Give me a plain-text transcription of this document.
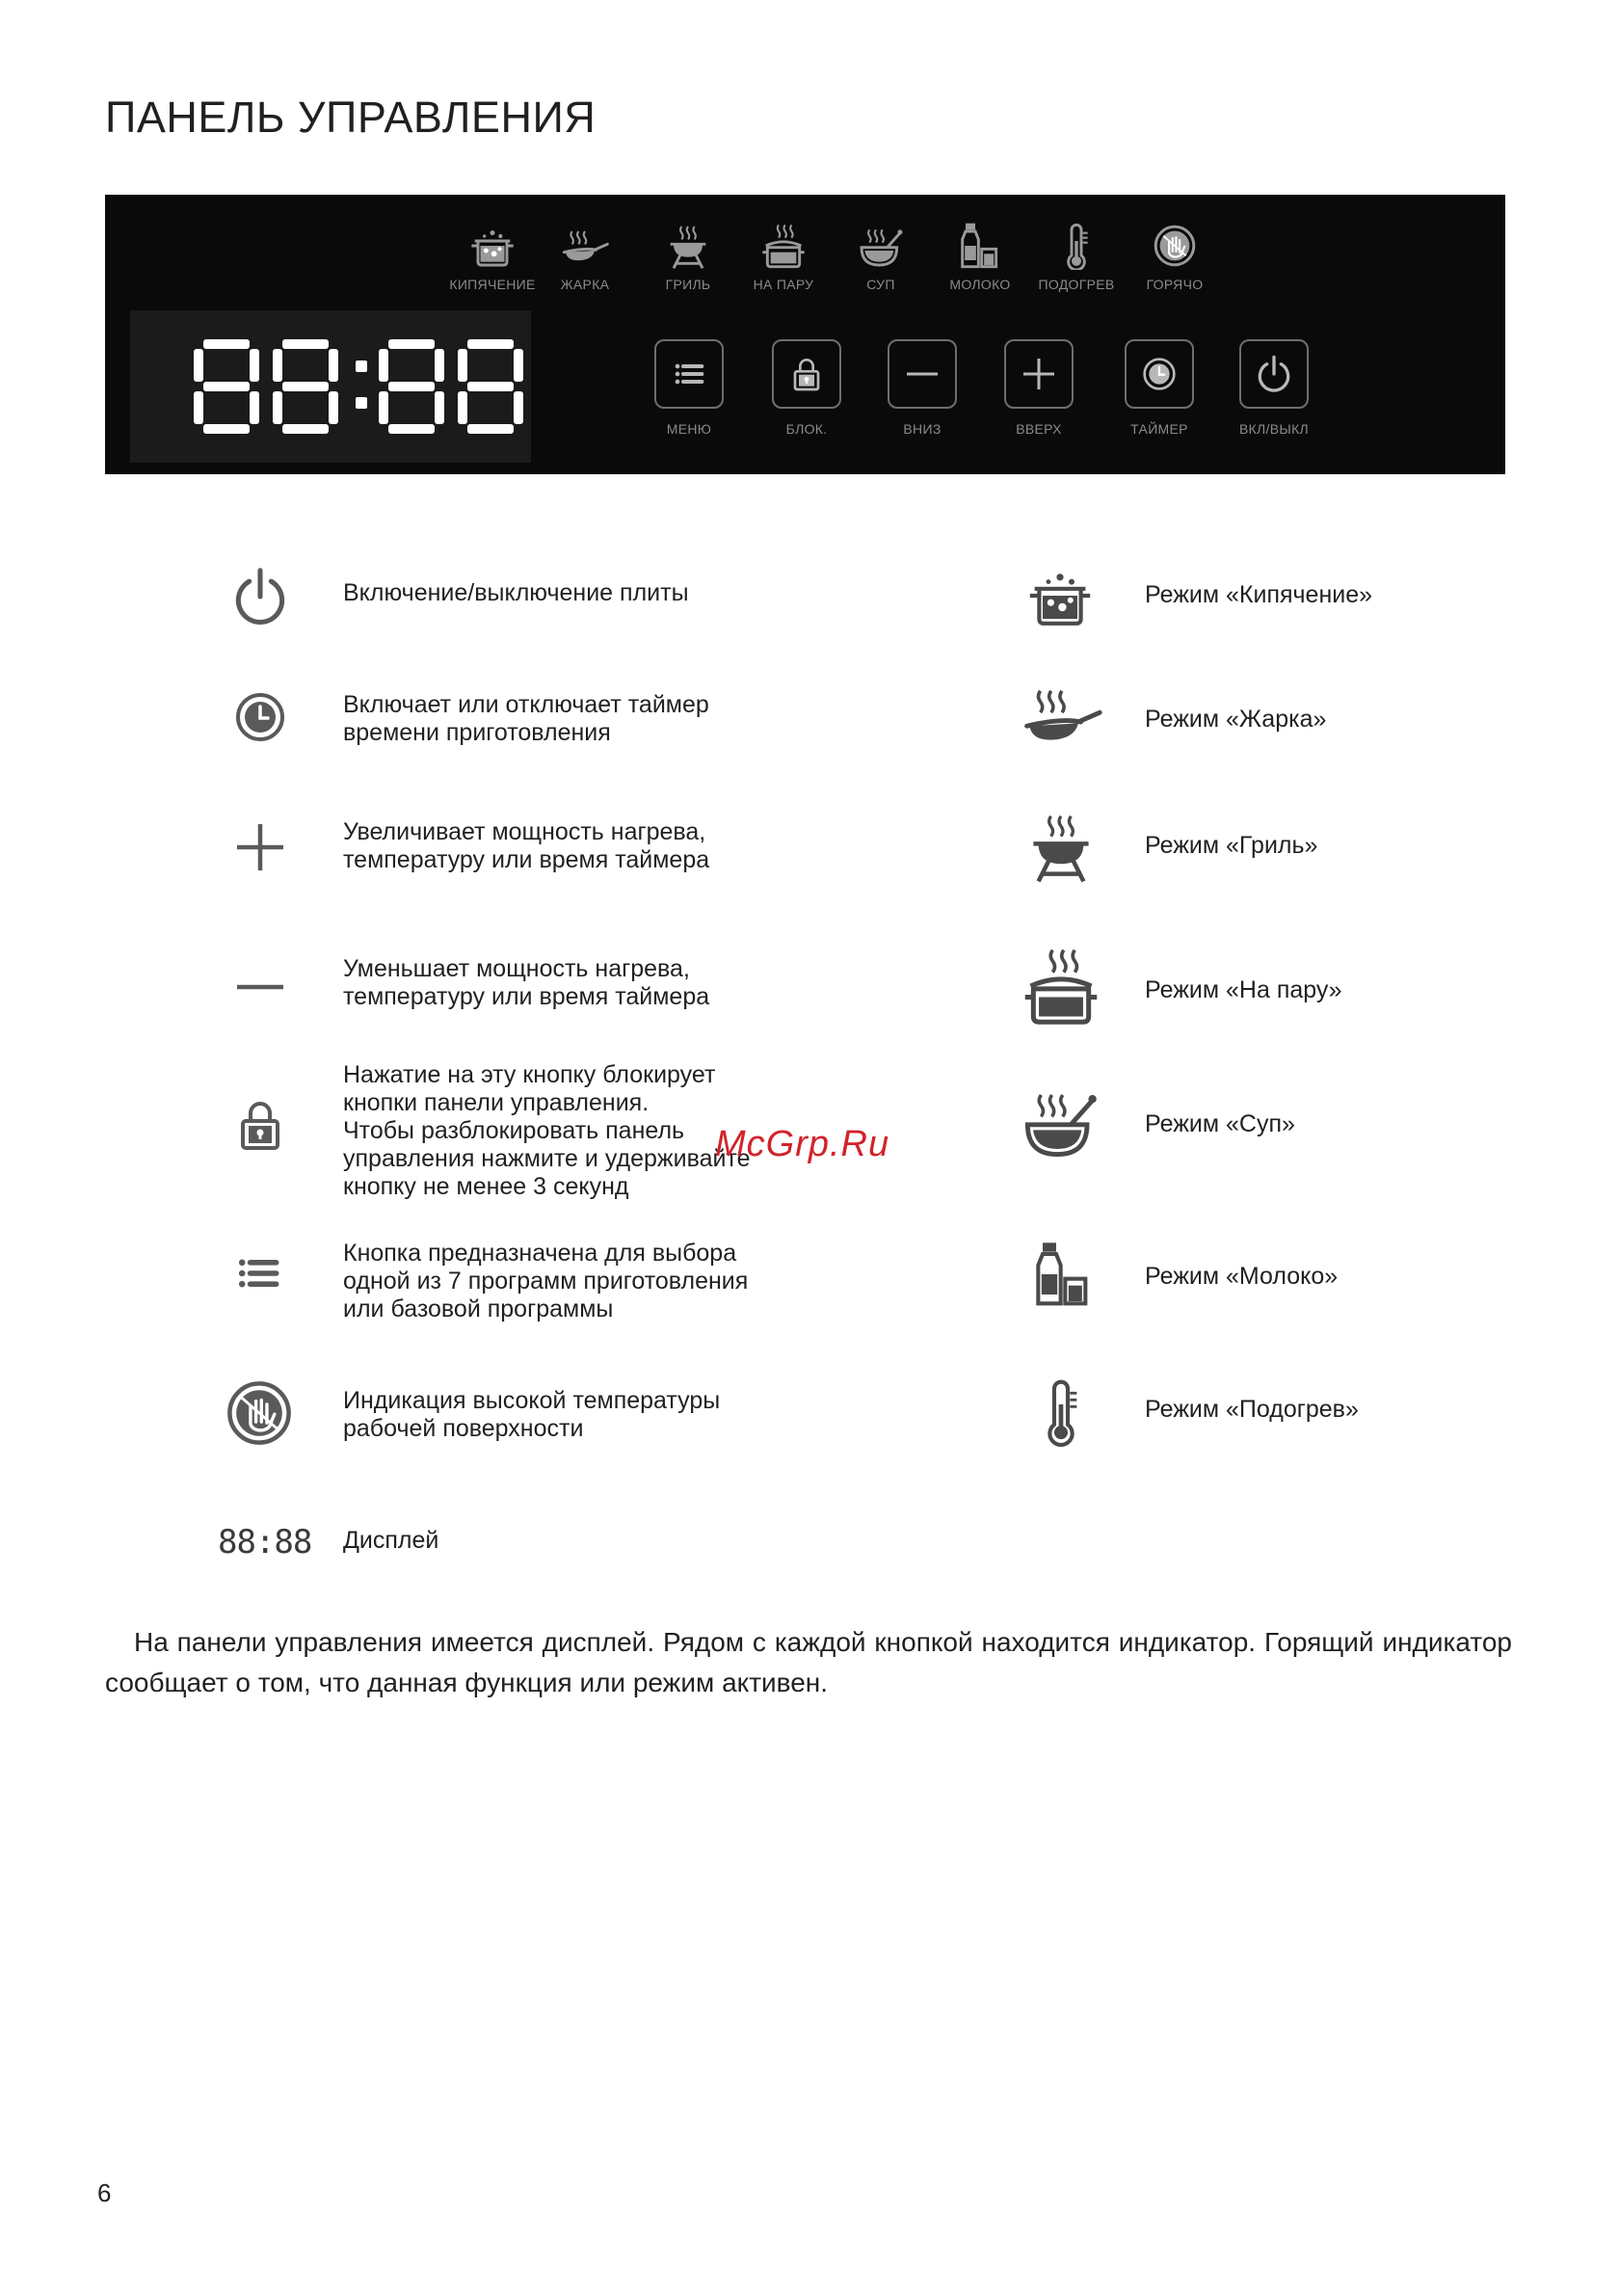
ПАНЕЛЬ УПРАВЛЕНИЯ
КИПЯЧЕНИЕ	ЖАРКА	ГРИЛЬ	НА ПАРУ	СУП	МОЛОКО	ПОДОГРЕВ	ГОРЯЧО
МЕНЮ	БЛОК.	ВНИЗ	ВВЕРХ	ТАЙМЕР	ВКЛ/ВЫКЛ
Включение/выключение плиты
Включает или отключает таймер
времени приготовления
Увеличивает мощность нагрева,
температуру или время таймера
Уменьшает мощность нагрева,
температуру или время таймера
Нажатие на эту кнопку блокирует
кнопки панели управления.
Чтобы разблокировать панель
управления нажмите и удерживайте
кнопку не менее 3 секунд
Кнопка предназначена для выбора
одной из 7 программ приготовления
или базовой программы
Индикация высокой температуры
рабочей поверхности
88:88 Дисплей
Режим «Кипячение»
Режим «Жарка»
Режим «Гриль»
Режим «На пару»
Режим «Суп»
Режим «Молоко»
Режим «Подогрев»
McGrp.Ru

На панели управления имеется дисплей. Рядом с каждой кнопкой находится индикатор. Горящий индикатор сообщает о том, что данная функция или режим активен.

6
